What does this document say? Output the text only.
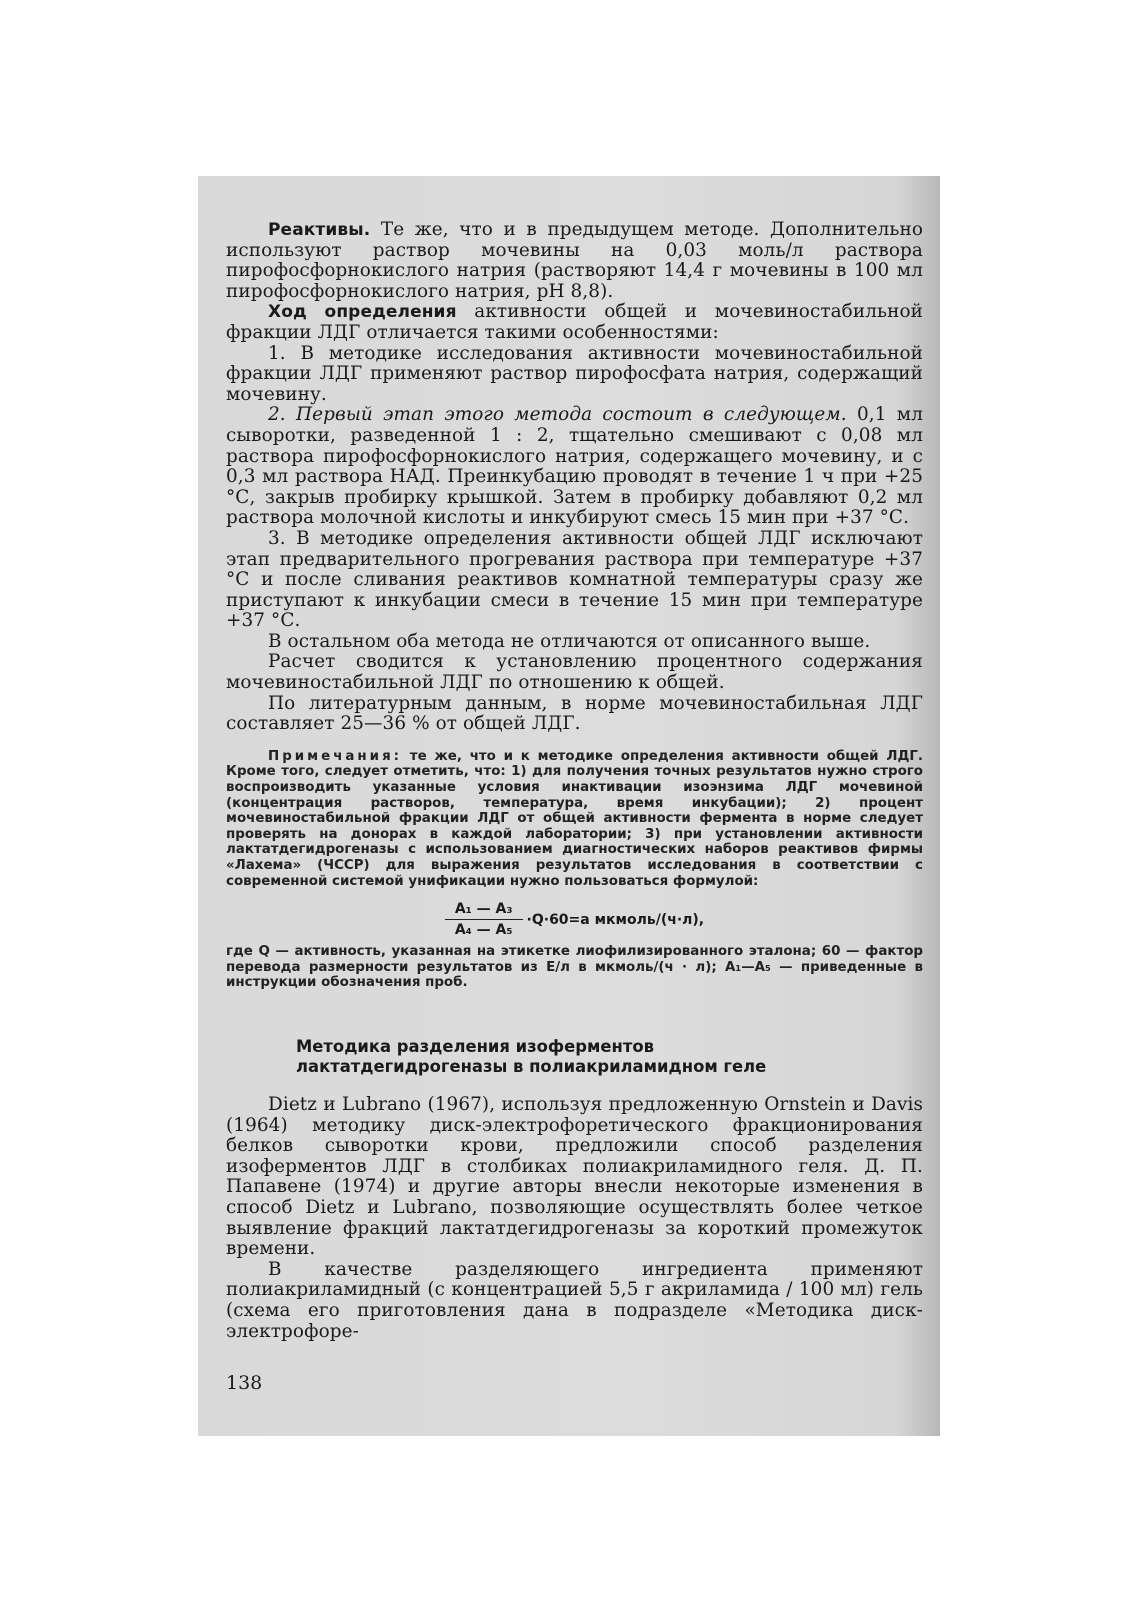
Реактивы. Те же, что и в предыдущем методе. Дополнительно используют раствор мочевины на 0,03 моль/л раствора пирофосфорнокислого натрия (растворяют 14,4 г мочевины в 100 мл пирофосфорнокислого натрия, pH 8,8).

Ход определения активности общей и мочевиностабильной фракции ЛДГ отличается такими особенностями:

1. В методике исследования активности мочевиностабильной фракции ЛДГ применяют раствор пирофосфата натрия, содержащий мочевину.

2. Первый этап этого метода состоит в следующем. 0,1 мл сыворотки, разведенной 1 : 2, тщательно смешивают с 0,08 мл раствора пирофосфорнокислого натрия, содержащего мочевину, и с 0,3 мл раствора НАД. Преинкубацию проводят в течение 1 ч при +25 °С, закрыв пробирку крышкой. Затем в пробирку добавляют 0,2 мл раствора молочной кислоты и инкубируют смесь 15 мин при +37 °С.

3. В методике определения активности общей ЛДГ исключают этап предварительного прогревания раствора при температуре +37 °С и после сливания реактивов комнатной температуры сразу же приступают к инкубации смеси в течение 15 мин при температуре +37 °С.

В остальном оба метода не отличаются от описанного выше.

Расчет сводится к установлению процентного содержания мочевиностабильной ЛДГ по отношению к общей.

По литературным данным, в норме мочевиностабильная ЛДГ составляет 25—36 % от общей ЛДГ.

Примечания: те же, что и к методике определения активности общей ЛДГ. Кроме того, следует отметить, что: 1) для получения точных результатов нужно строго воспроизводить указанные условия инактивации изоэнзима ЛДГ мочевиной (концентрация растворов, температура, время инкубации); 2) процент мочевиностабильной фракции ЛДГ от общей активности фермента в норме следует проверять на донорах в каждой лаборатории; 3) при установлении активности лактатдегидрогеназы с использованием диагностических наборов реактивов фирмы «Лахема» (ЧССР) для выражения результатов исследования в соответствии с современной системой унификации нужно пользоваться формулой:
$\frac{\text{A₁ — A₃}}{\text{A₄ — A₅}} \cdot Q\cdot 60=a$ мкмоль/(ч·л),
где Q — активность, указанная на этикетке лиофилизированного эталона; 60 — фактор перевода размерности результатов из Е/л в мкмоль/(ч · л); A₁—A₅ — приведенные в инструкции обозначения проб.
Методика разделения изоферментов
лактатдегидрогеназы в полиакриламидном геле

Dietz и Lubrano (1967), используя предложенную Ornstein и Davis (1964) методику диск-электрофоретического фракционирования белков сыворотки крови, предложили способ разделения изоферментов ЛДГ в столбиках полиакриламидного геля. Д. П. Папавене (1974) и другие авторы внесли некоторые изменения в способ Dietz и Lubrano, позволяющие осуществлять более четкое выявление фракций лактатдегидрогеназы за короткий промежуток времени.

В качестве разделяющего ингредиента применяют полиакриламидный (с концентрацией 5,5 г акриламида / 100 мл) гель (схема его приготовления дана в подразделе «Методика диск-электрофоре-

138
